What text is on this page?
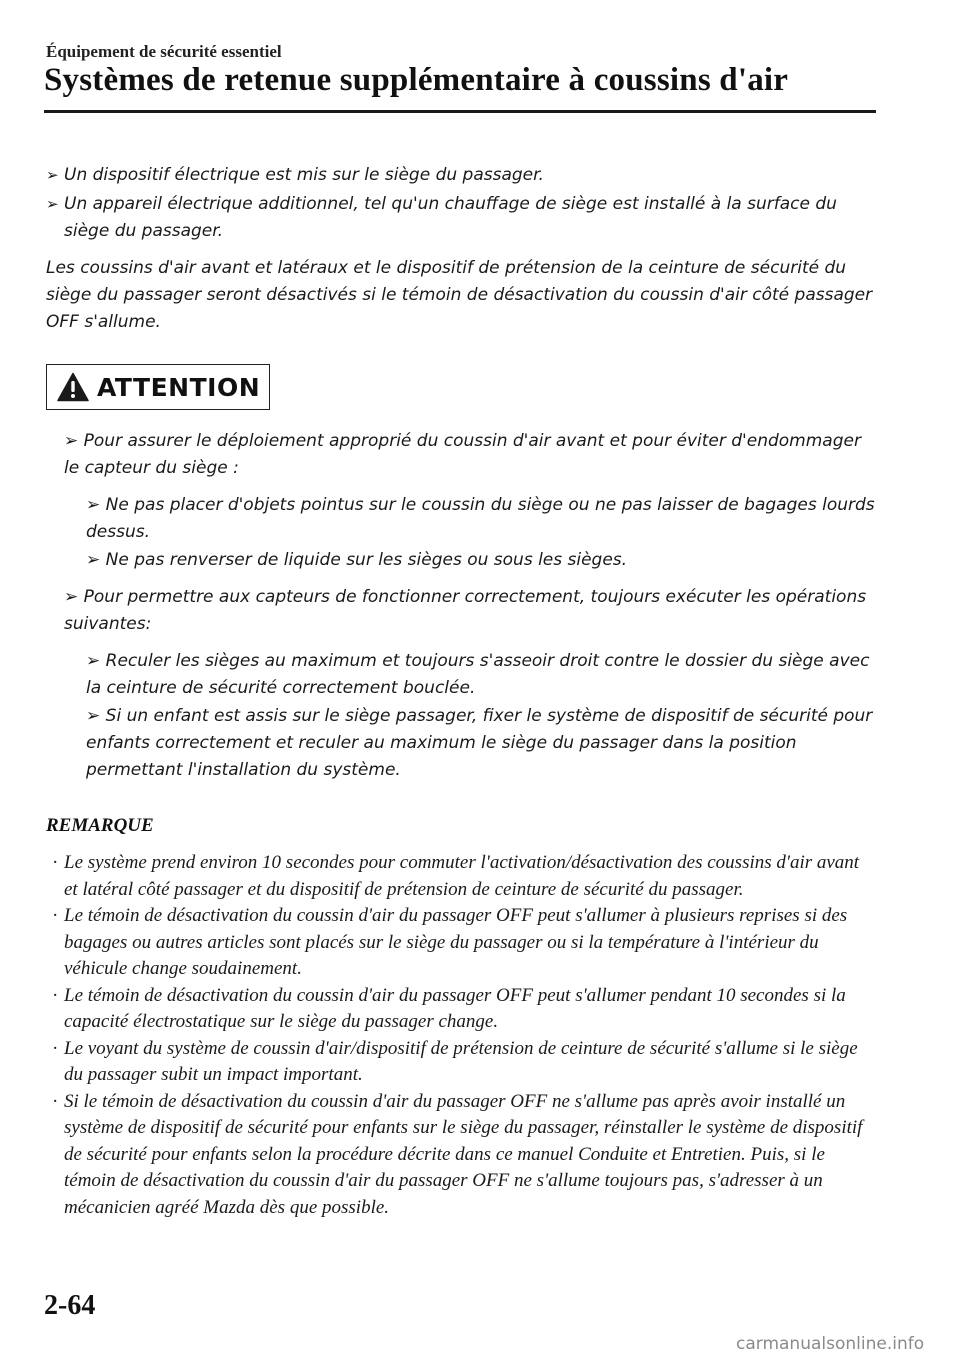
Équipement de sécurité essentiel
Systèmes de retenue supplémentaire à coussins d'air
➢ Un dispositif électrique est mis sur le siège du passager.
➢ Un appareil électrique additionnel, tel qu'un chauffage de siège est installé à la surface du siège du passager.
Les coussins d'air avant et latéraux et le dispositif de prétension de la ceinture de sécurité du siège du passager seront désactivés si le témoin de désactivation du coussin d'air côté passager OFF s'allume.
ATTENTION
➢ Pour assurer le déploiement approprié du coussin d'air avant et pour éviter d'endommager le capteur du siège :
➢ Ne pas placer d'objets pointus sur le coussin du siège ou ne pas laisser de bagages lourds dessus.
➢ Ne pas renverser de liquide sur les sièges ou sous les sièges.
➢ Pour permettre aux capteurs de fonctionner correctement, toujours exécuter les opérations suivantes:
➢ Reculer les sièges au maximum et toujours s'asseoir droit contre le dossier du siège avec la ceinture de sécurité correctement bouclée.
➢ Si un enfant est assis sur le siège passager, fixer le système de dispositif de sécurité pour enfants correctement et reculer au maximum le siège du passager dans la position permettant l'installation du système.
REMARQUE
· Le système prend environ 10 secondes pour commuter l'activation/désactivation des coussins d'air avant et latéral côté passager et du dispositif de prétension de ceinture de sécurité du passager.
· Le témoin de désactivation du coussin d'air du passager OFF peut s'allumer à plusieurs reprises si des bagages ou autres articles sont placés sur le siège du passager ou si la température à l'intérieur du véhicule change soudainement.
· Le témoin de désactivation du coussin d'air du passager OFF peut s'allumer pendant 10 secondes si la capacité électrostatique sur le siège du passager change.
· Le voyant du système de coussin d'air/dispositif de prétension de ceinture de sécurité s'allume si le siège du passager subit un impact important.
· Si le témoin de désactivation du coussin d'air du passager OFF ne s'allume pas après avoir installé un système de dispositif de sécurité pour enfants sur le siège du passager, réinstaller le système de dispositif de sécurité pour enfants selon la procédure décrite dans ce manuel Conduite et Entretien. Puis, si le témoin de désactivation du coussin d'air du passager OFF ne s'allume toujours pas, s'adresser à un mécanicien agréé Mazda dès que possible.
2-64
carmanualsonline.info
